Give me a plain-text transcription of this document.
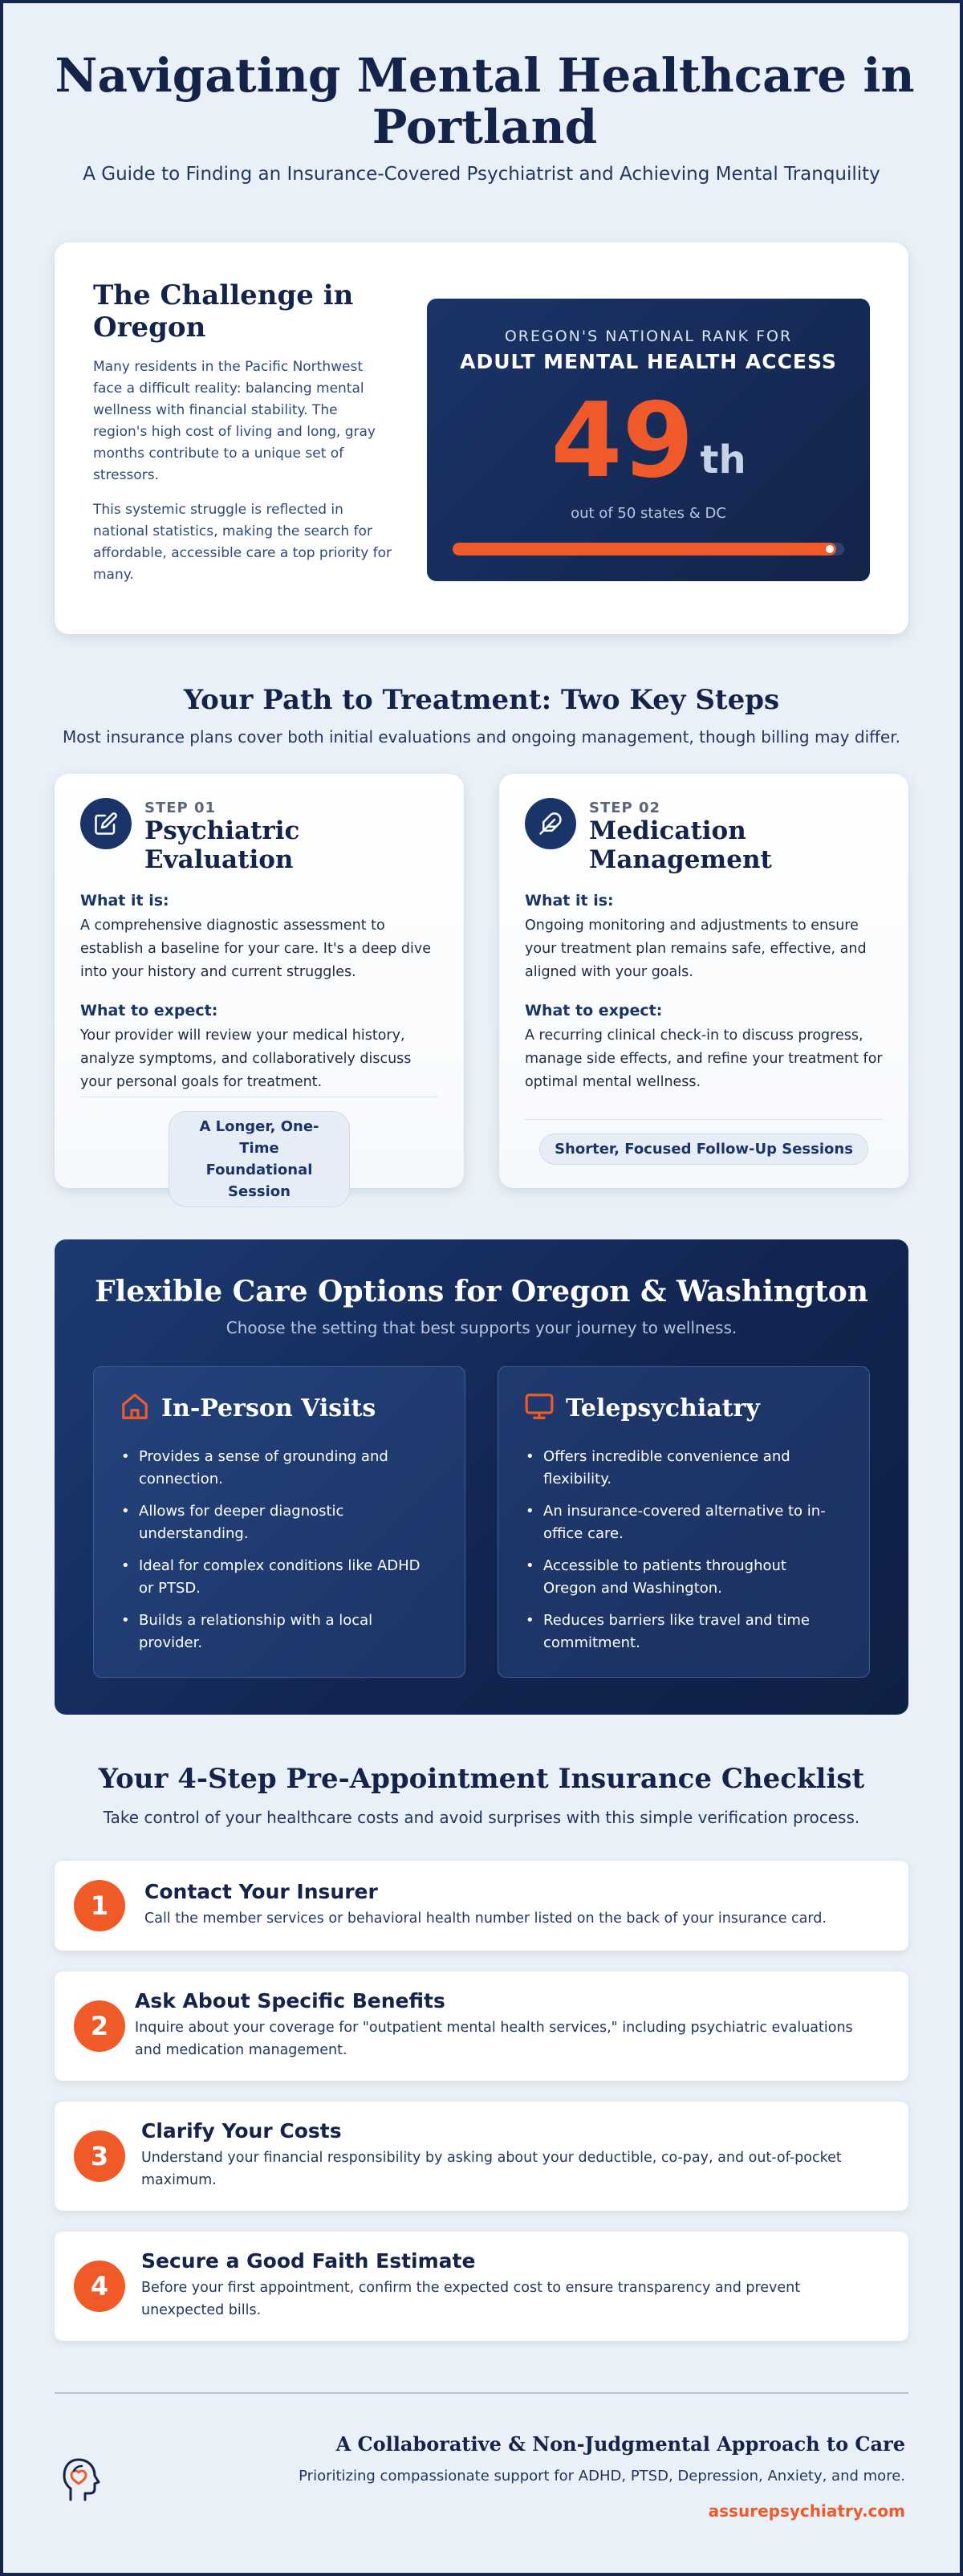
Navigating Mental Healthcare in Portland
A Guide to Finding an Insurance-Covered Psychiatrist and Achieving Mental Tranquility
The Challenge in Oregon

Many residents in the Pacific Northwest face a difficult reality: balancing mental wellness with financial stability. The region's high cost of living and long, gray months contribute to a unique set of stressors.

This systemic struggle is reflected in national statistics, making the search for affordable, accessible care a top priority for many.

OREGON'S NATIONAL RANK FOR
ADULT MENTAL HEALTH ACCESS
49 th
out of 50 states & DC
Your Path to Treatment: Two Key Steps
Most insurance plans cover both initial evaluations and ongoing management, though billing may differ.
STEP 01
Psychiatric Evaluation
What it is:
A comprehensive diagnostic assessment to establish a baseline for your care. It's a deep dive into your history and current struggles.
What to expect:
Your provider will review your medical history, analyze symptoms, and collaboratively discuss your personal goals for treatment.
A Longer, One-Time Foundational Session
STEP 02
Medication Management
What it is:
Ongoing monitoring and adjustments to ensure your treatment plan remains safe, effective, and aligned with your goals.
What to expect:
A recurring clinical check-in to discuss progress, manage side effects, and refine your treatment for optimal mental wellness.
Shorter, Focused Follow-Up Sessions
Flexible Care Options for Oregon & Washington
Choose the setting that best supports your journey to wellness.
In-Person Visits
• Provides a sense of grounding and connection.
• Allows for deeper diagnostic understanding.
• Ideal for complex conditions like ADHD or PTSD.
• Builds a relationship with a local provider.
Telepsychiatry
• Offers incredible convenience and flexibility.
• An insurance-covered alternative to in-office care.
• Accessible to patients throughout Oregon and Washington.
• Reduces barriers like travel and time commitment.
Your 4-Step Pre-Appointment Insurance Checklist
Take control of your healthcare costs and avoid surprises with this simple verification process.
1	Contact Your Insurer
Call the member services or behavioral health number listed on the back of your insurance card.
2
Ask About Specific Benefits
Inquire about your coverage for "outpatient mental health services," including psychiatric evaluations and medication management.
3
Clarify Your Costs
Understand your financial responsibility by asking about your deductible, co-pay, and out-of-pocket maximum.
4
Secure a Good Faith Estimate
Before your first appointment, confirm the expected cost to ensure transparency and prevent unexpected bills.
A Collaborative & Non-Judgmental Approach to Care
Prioritizing compassionate support for ADHD, PTSD, Depression, Anxiety, and more.
assurepsychiatry.com
